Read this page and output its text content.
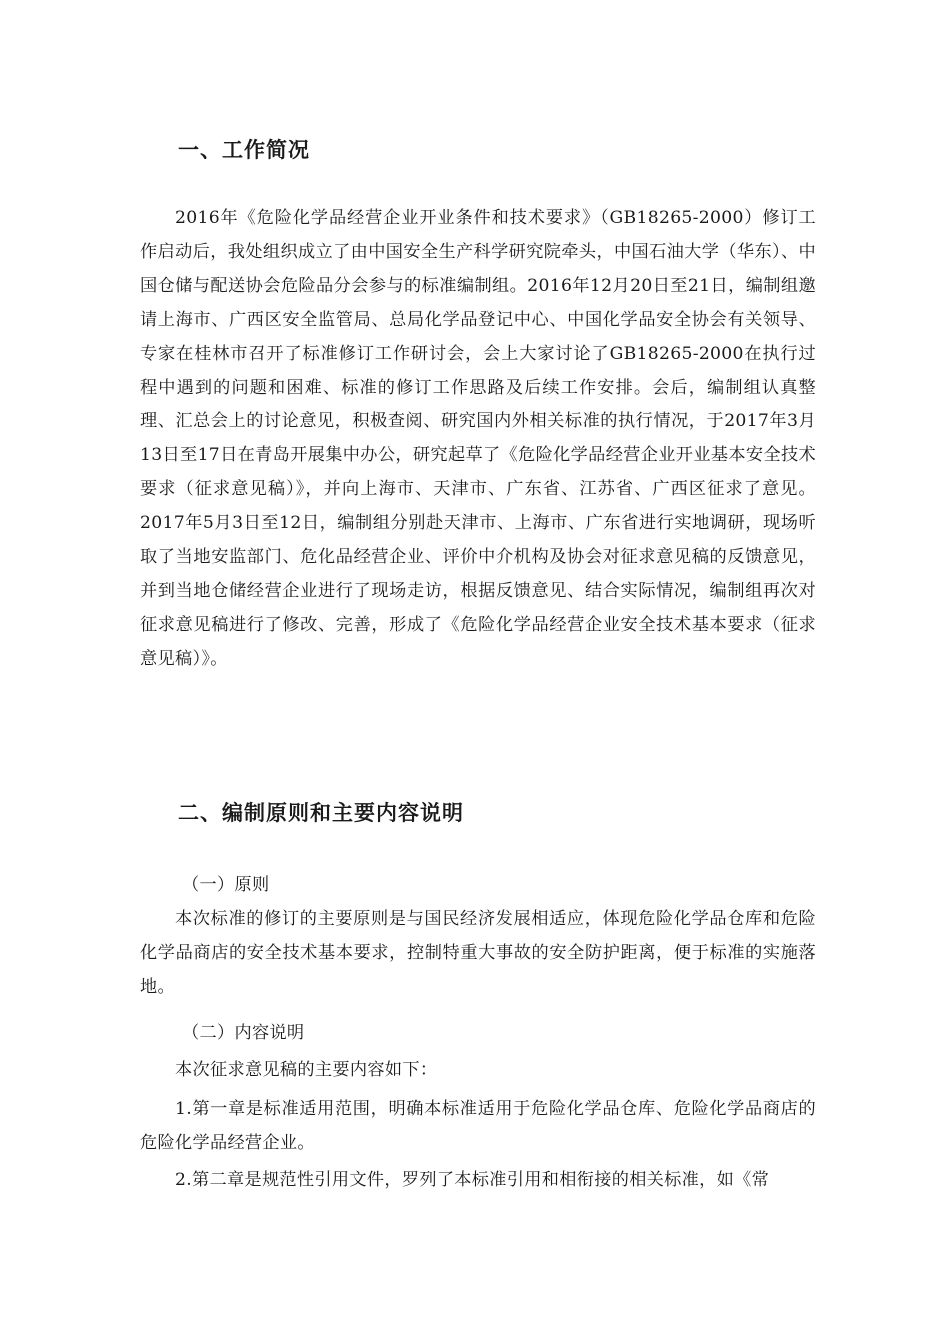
一、工作简况

2016年《危险化学品经营企业开业条件和技术要求》（GB18265-2000）修订工作启动后，我处组织成立了由中国安全生产科学研究院牵头，中国石油大学（华东）、中国仓储与配送协会危险品分会参与的标准编制组。2016年12月20日至21日，编制组邀请上海市、广西区安全监管局、总局化学品登记中心、中国化学品安全协会有关领导、专家在桂林市召开了标准修订工作研讨会，会上大家讨论了GB18265-2000在执行过程中遇到的问题和困难、标准的修订工作思路及后续工作安排。会后，编制组认真整理、汇总会上的讨论意见，积极查阅、研究国内外相关标准的执行情况，于2017年3月13日至17日在青岛开展集中办公，研究起草了《危险化学品经营企业开业基本安全技术要求（征求意见稿）》，并向上海市、天津市、广东省、江苏省、广西区征求了意见。2017年5月3日至12日，编制组分别赴天津市、上海市、广东省进行实地调研，现场听取了当地安监部门、危化品经营企业、评价中介机构及协会对征求意见稿的反馈意见，并到当地仓储经营企业进行了现场走访，根据反馈意见、结合实际情况，编制组再次对征求意见稿进行了修改、完善，形成了《危险化学品经营企业安全技术基本要求（征求意见稿）》。

二、编制原则和主要内容说明

（一）原则

本次标准的修订的主要原则是与国民经济发展相适应，体现危险化学品仓库和危险化学品商店的安全技术基本要求，控制特重大事故的安全防护距离，便于标准的实施落地。

（二）内容说明

本次征求意见稿的主要内容如下：

1.第一章是标准适用范围，明确本标准适用于危险化学品仓库、危险化学品商店的危险化学品经营企业。

2.第二章是规范性引用文件，罗列了本标准引用和相衔接的相关标准，如《常
